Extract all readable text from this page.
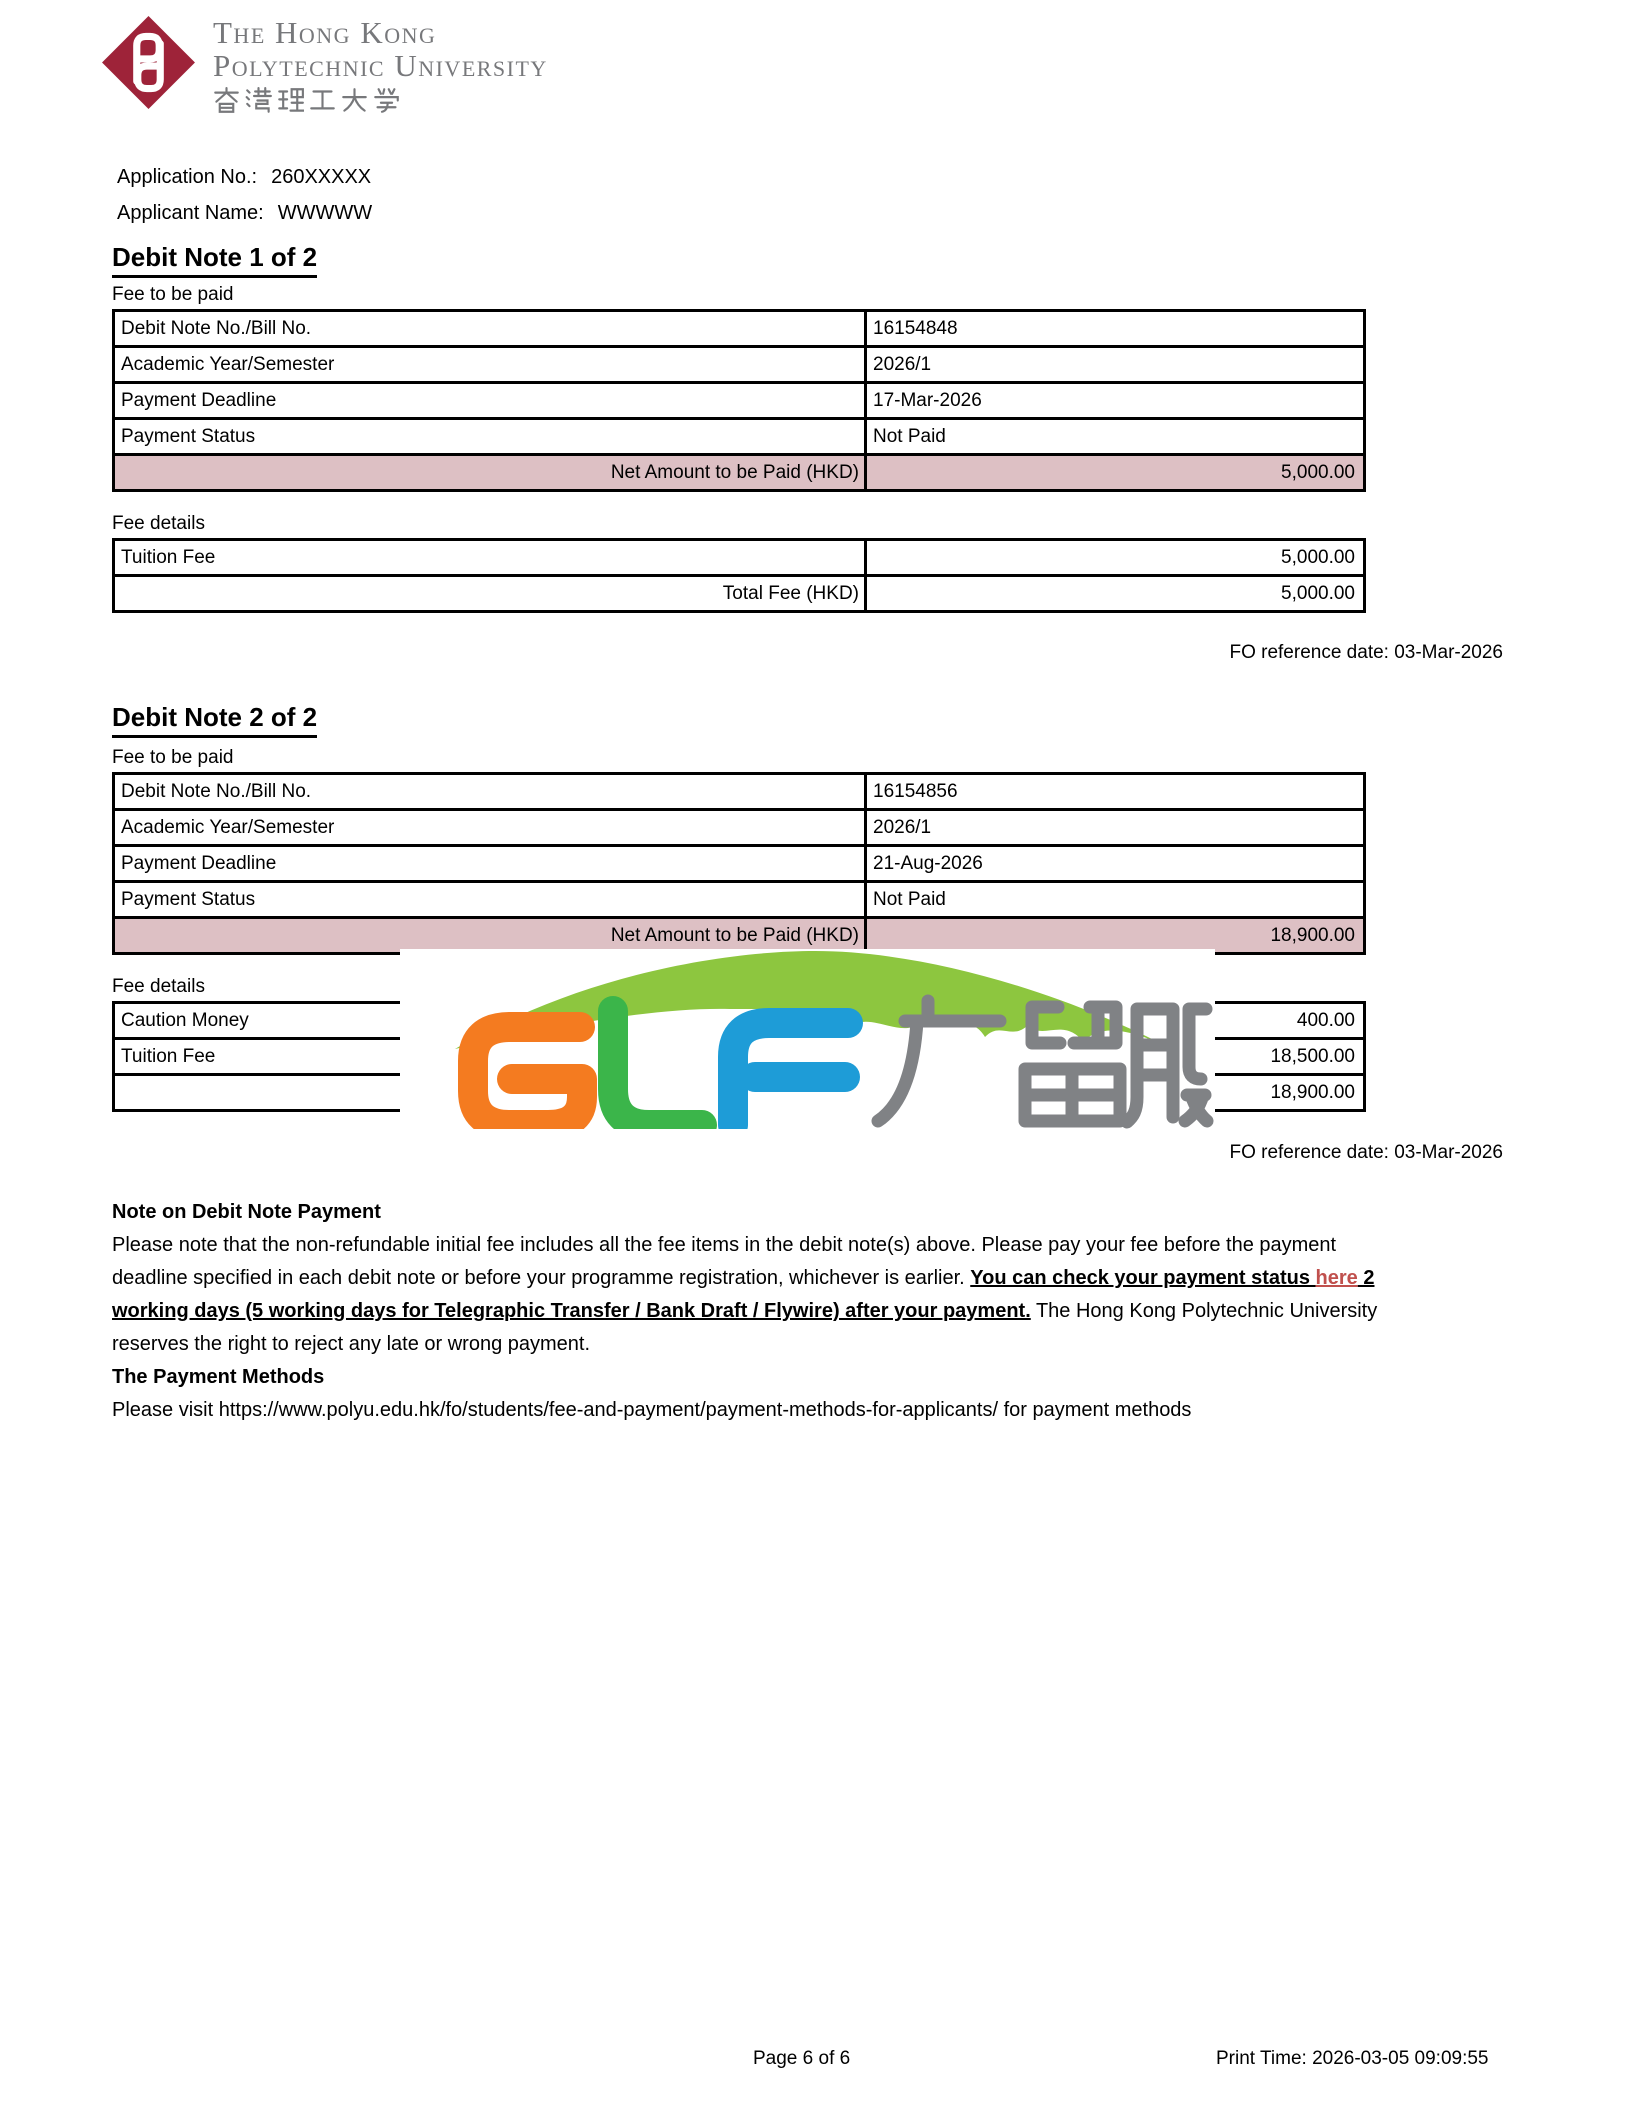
The Hong Kong
Polytechnic University
Application No.: 260XXXXX
Applicant Name: WWWWW
Debit Note 1 of 2
Fee to be paid
Debit Note No./Bill No.	16154848
Academic Year/Semester	2026/1
Payment Deadline	17-Mar-2026
Payment Status	Not Paid
Net Amount to be Paid (HKD)	5,000.00
Fee details
Tuition Fee	5,000.00
Total Fee (HKD)	5,000.00
FO reference date: 03-Mar-2026
Debit Note 2 of 2
Fee to be paid
Debit Note No./Bill No.	16154856
Academic Year/Semester	2026/1
Payment Deadline	21-Aug-2026
Payment Status	Not Paid
Net Amount to be Paid (HKD)	18,900.00
Fee details
Caution Money	400.00
Tuition Fee	18,500.00
	18,900.00
FO reference date: 03-Mar-2026
Note on Debit Note Payment
Please note that the non-refundable initial fee includes all the fee items in the debit note(s) above. Please pay your fee before the payment
deadline specified in each debit note or before your programme registration, whichever is earlier. You can check your payment status here 2
working days (5 working days for Telegraphic Transfer / Bank Draft / Flywire) after your payment. The Hong Kong Polytechnic University
reserves the right to reject any late or wrong payment.
The Payment Methods
Please visit https://www.polyu.edu.hk/fo/students/fee-and-payment/payment-methods-for-applicants/ for payment methods
Page 6 of 6	Print Time: 2026-03-05 09:09:55
